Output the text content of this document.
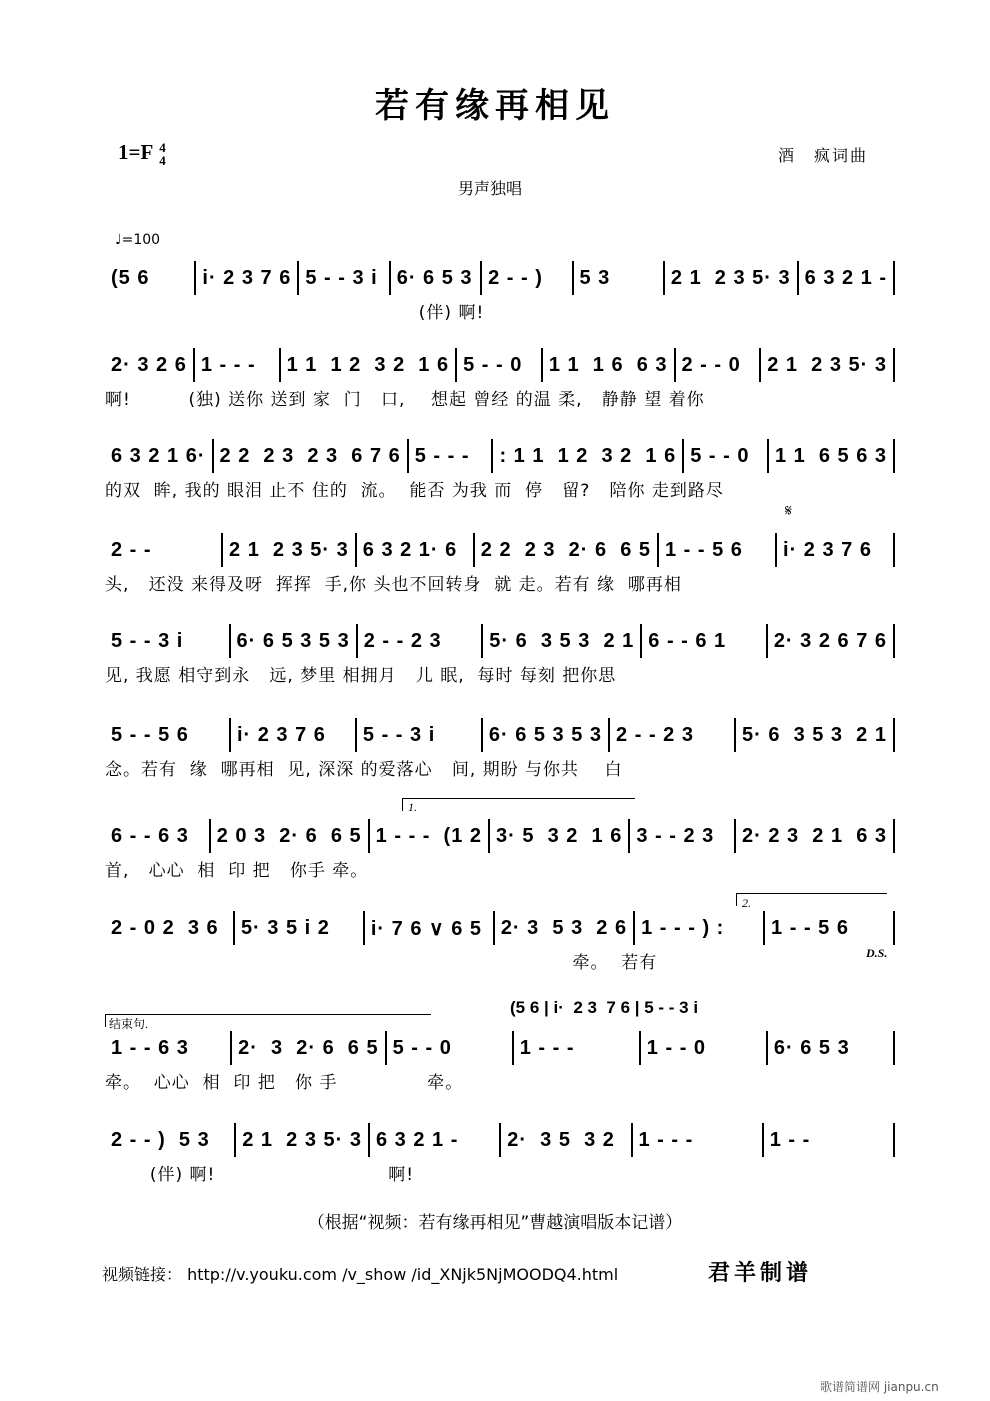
若有缘再相见
1=F 4
4	酒　疯词曲
男声独唱
♩=100
(5 6	i· 2 3 7 6 5 - - 3 i 6· 6 5 3 2 - - )	5 3	2 1  2 3 5· 3 6 3 2 1 -
(伴) 啊!
2· 3 2 6 1 - - -	1 1  1 2  3 2  1 6 5 - - 0	1 1  1 6  6 3 2 - - 0	2 1  2 3 5· 3
啊!         (独) 送你 送到 家  门   口,    想起 曾经 的温 柔,   静静 望 着你
6 3 2 1 6· 2 2  2 3  2 3  6 7 6 5 - - -	: 1 1  1 2  3 2  1 6 5 - - 0	1 1  6 5 6 3
的双  眸, 我的 眼泪 止不 住的  流。  能否 为我 而  停   留?   陪你 走到路尽
2 - -	2 1  2 3 5· 3 6 3 2 1· 6	2 2  2 3  2· 6  6 5 1 - - 5 6	i· 2 3 7 6
头,   还没 来得及呀  挥挥  手,你 头也不回转身  就 走。若有 缘  哪再相
5 - - 3 i	6· 6 5 3 5 3 2 - - 2 3	5· 6  3 5 3  2 1 6 - - 6 1	2· 3 2 6 7 6
见, 我愿 相守到永   远, 梦里 相拥月   儿 眠,  每时 每刻 把你思
5 - - 5 6	i· 2 3 7 6	5 - - 3 i	6· 6 5 3 5 3 2 - - 2 3	5· 6  3 5 3  2 1
念。若有  缘  哪再相  见, 深深 的爱落心   间, 期盼 与你共    白
6 - - 6 3	2 0 3  2· 6  6 5 1 - - -  (1 2 3· 5  3 2  1 6 3 - - 2 3	2· 2 3  2 1  6 3
首,   心心  相  印 把   你手 牵。
2 - 0 2  3 6	5· 3 5 i 2	i· 7 6 ∨ 6 5 2· 3  5 3  2 6 1 - - - ) :	1 - - 5 6
牵。  若有
1 - - 6 3	2·  3  2· 6  6 5 5 - - 0	1 - - -	1 - - 0	6· 6 5 3
牵。  心心  相  印 把   你 手              牵。
2 - - )  5 3	2 1  2 3 5· 3 6 3 2 1 -	2·  3 5  3 2	1 - - -	1 - -
(伴) 啊!                           啊!
(5 6 | i·  2 3  7 6 | 5 - - 3 i
1.
2.
D.S.
𝄋
结束句.
（根据“视频：若有缘再相见”曹越演唱版本记谱）
视频链接： http://v.youku.com /v_show /id_XNjk5NjMOODQ4.html	君羊制谱
歌谱简谱网 jianpu.cn
